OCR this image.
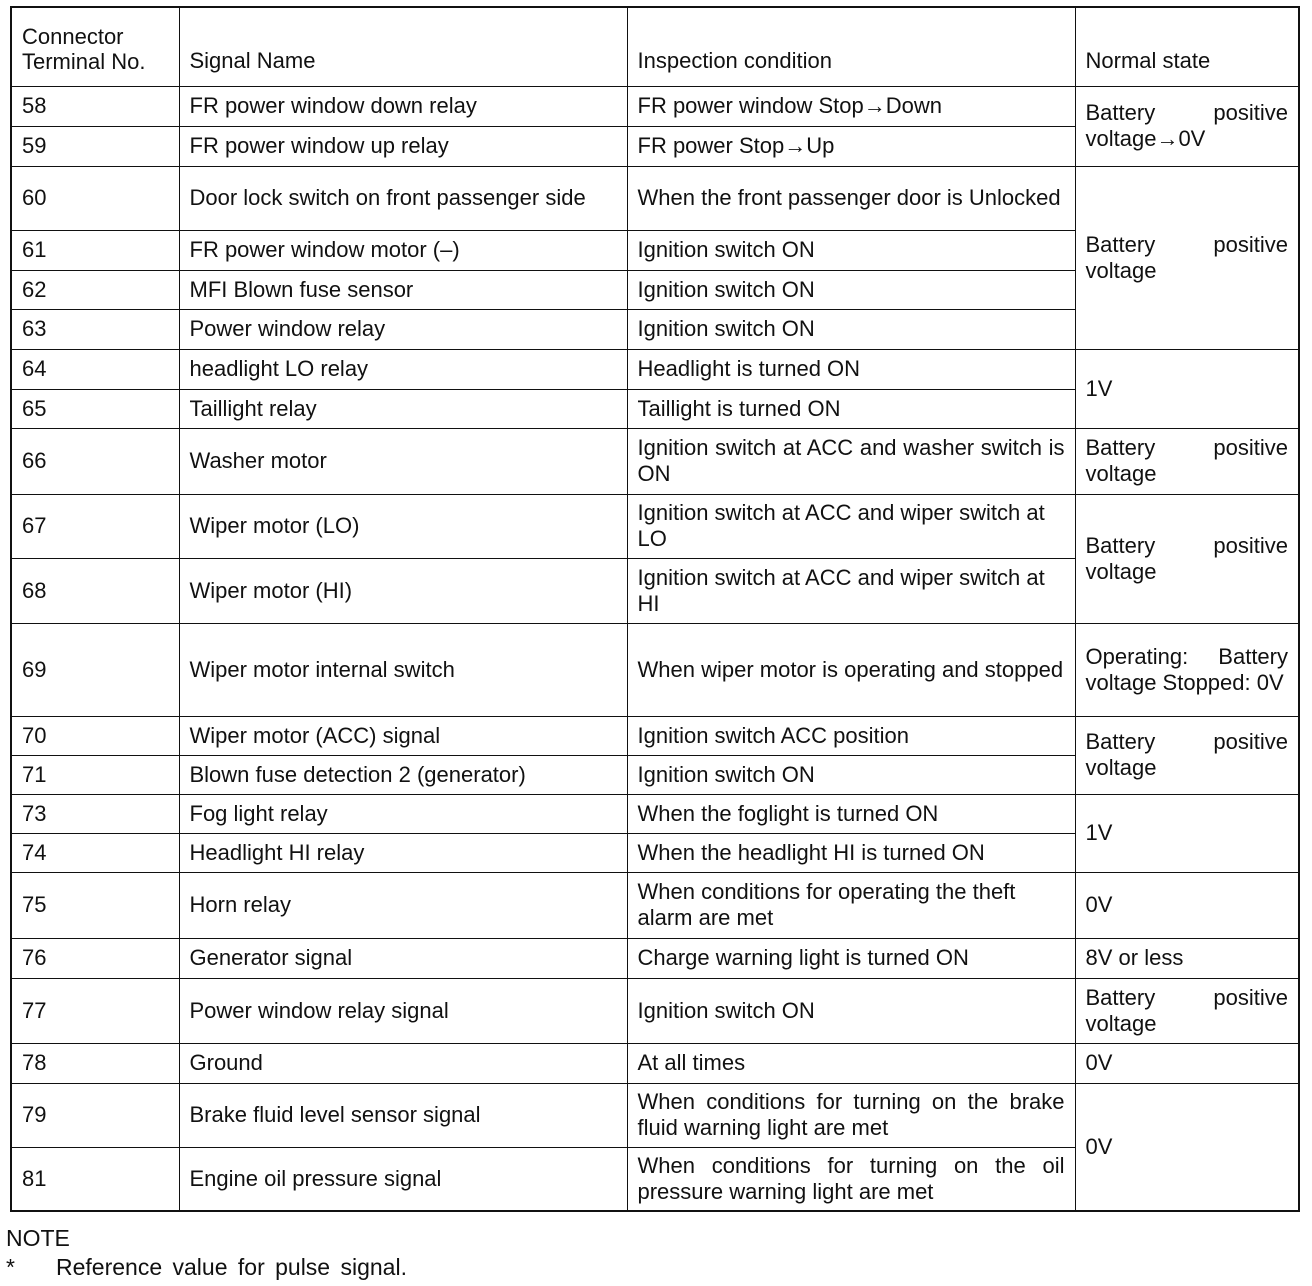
Connector
Terminal No.	Signal Name	Inspection condition	Normal state
58	FR power window down relay	FR power window Stop→Down	Battery positive voltage→0V
59	FR power window up relay	FR power Stop→Up	
60	Door lock switch on front passenger side	When the front passenger door is Unlocked	Battery positive voltage
61	FR power window motor (–)	Ignition switch ON	
62	MFI Blown fuse sensor	Ignition switch ON	
63	Power window relay	Ignition switch ON	
64	headlight LO relay	Headlight is turned ON	1V
65	Taillight relay	Taillight is turned ON	
66	Washer motor	Ignition switch at ACC and washer switch is ON	Battery positive voltage
67	Wiper motor (LO)	Ignition switch at ACC and wiper switch at LO	Battery positive voltage
68	Wiper motor (HI)	Ignition switch at ACC and wiper switch at HI	
69	Wiper motor internal switch	When wiper motor is operating and stopped	Operating: Battery voltage Stopped: 0V
70	Wiper motor (ACC) signal	Ignition switch ACC position	Battery positive voltage
71	Blown fuse detection 2 (generator)	Ignition switch ON	
73	Fog light relay	When the foglight is turned ON	1V
74	Headlight HI relay	When the headlight HI is turned ON	
75	Horn relay	When conditions for operating the theft alarm are met	0V
76	Generator signal	Charge warning light is turned ON	8V or less
77	Power window relay signal	Ignition switch ON	Battery positive voltage
78	Ground	At all times	0V
79	Brake fluid level sensor signal	When conditions for turning on the brake fluid warning light are met	0V
81	Engine oil pressure signal	When conditions for turning on the oil pressure warning light are met	
NOTE
*	Reference value for pulse signal.
